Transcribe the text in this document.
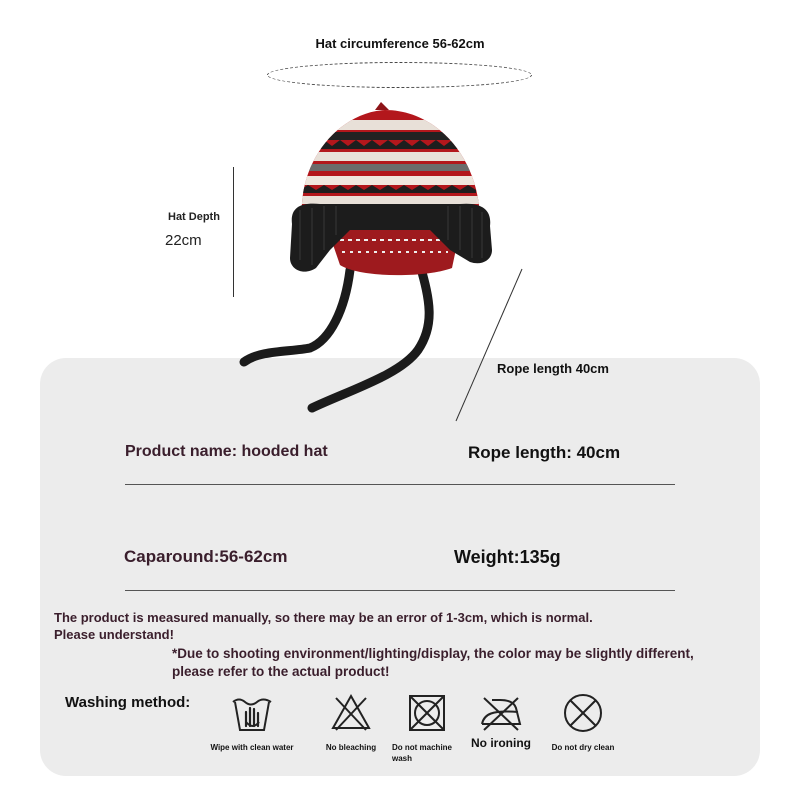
Hat circumference 56-62cm
Hat Depth
22cm
Rope length 40cm
Product name: hooded hat	Rope length: 40cm
Caparound:56-62cm	Weight:135g
The product is measured manually, so there may be an error of 1-3cm, which is normal.
Please understand!
*Due to shooting environment/lighting/display, the color may be slightly different, please refer to the actual product!
Washing method:
Wipe with clean water	No bleaching	Do not machine wash
No ironing	Do not dry clean
